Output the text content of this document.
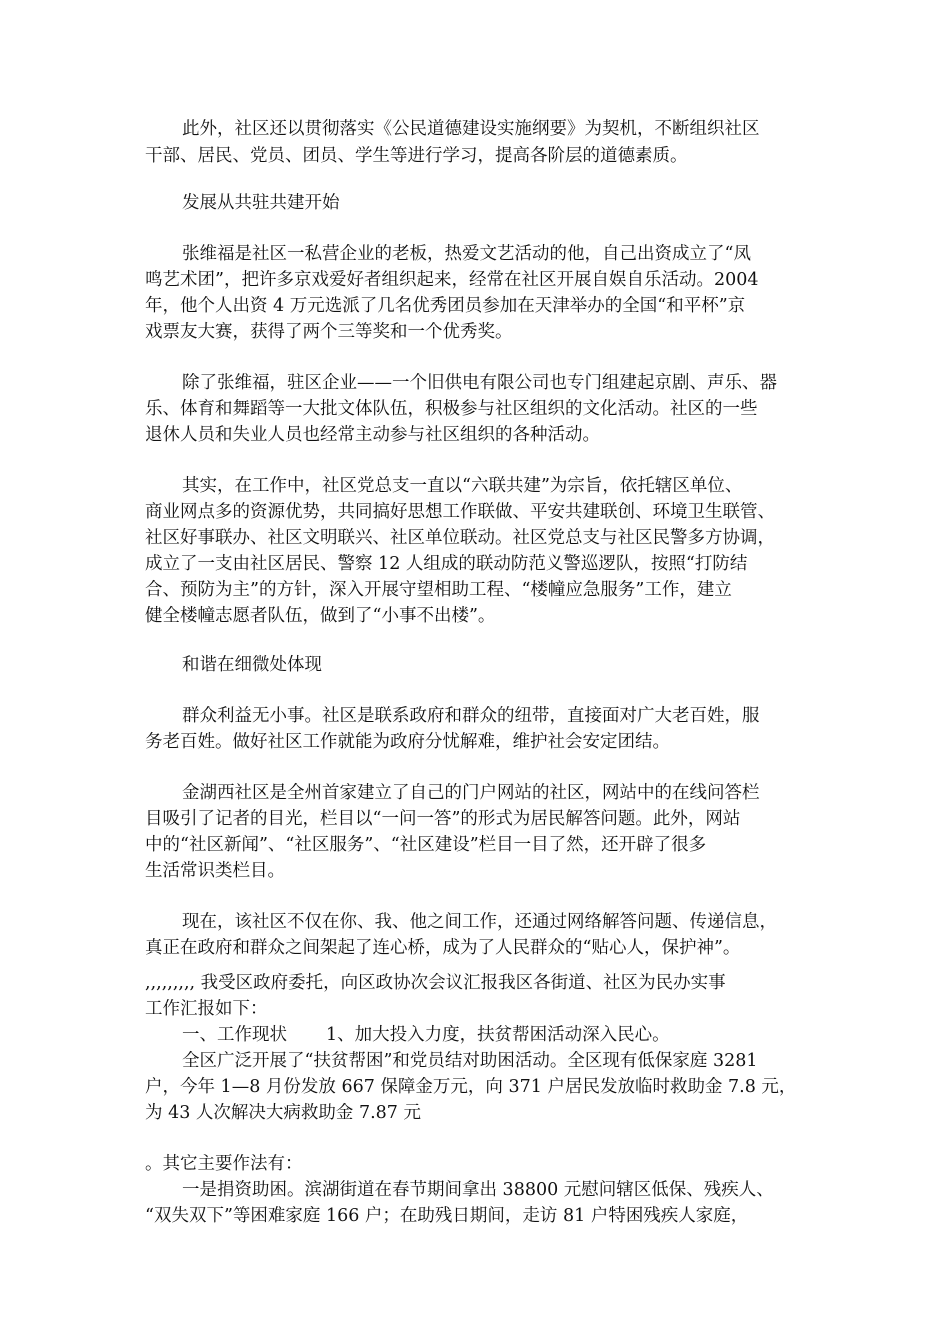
此外，社区还以贯彻落实《公民道德建设实施纲要》为契机，不断组织社区
干部、居民、党员、团员、学生等进行学习，提高各阶层的道德素质。
发展从共驻共建开始
张维福是社区一私营企业的老板，热爱文艺活动的他，自己出资成立了“凤
鸣艺术团”，把许多京戏爱好者组织起来，经常在社区开展自娱自乐活动。2004
年，他个人出资 4 万元选派了几名优秀团员参加在天津举办的全国“和平杯”京
戏票友大赛，获得了两个三等奖和一个优秀奖。
除了张维福，驻区企业——一个旧供电有限公司也专门组建起京剧、声乐、器
乐、体育和舞蹈等一大批文体队伍，积极参与社区组织的文化活动。社区的一些
退休人员和失业人员也经常主动参与社区组织的各种活动。
其实，在工作中，社区党总支一直以“六联共建”为宗旨，依托辖区单位、
商业网点多的资源优势，共同搞好思想工作联做、平安共建联创、环境卫生联管、
社区好事联办、社区文明联兴、社区单位联动。社区党总支与社区民警多方协调，
成立了一支由社区居民、警察 12 人组成的联动防范义警巡逻队，按照“打防结
合、预防为主”的方针，深入开展守望相助工程、“楼幢应急服务”工作，建立
健全楼幢志愿者队伍，做到了“小事不出楼”。
和谐在细微处体现
群众利益无小事。社区是联系政府和群众的纽带，直接面对广大老百姓，服
务老百姓。做好社区工作就能为政府分忧解难，维护社会安定团结。
金湖西社区是全州首家建立了自己的门户网站的社区，网站中的在线问答栏
目吸引了记者的目光，栏目以“一问一答”的形式为居民解答问题。此外，网站
中的“社区新闻”、“社区服务”、“社区建设”栏目一目了然，还开辟了很多
生活常识类栏目。
现在，该社区不仅在你、我、他之间工作，还通过网络解答问题、传递信息，
真正在政府和群众之间架起了连心桥，成为了人民群众的“贴心人，保护神”。
,,,,,,,,, 我受区政府委托，向区政协次会议汇报我区各街道、社区为民办实事
工作汇报如下：
一、工作现状       1、加大投入力度，扶贫帮困活动深入民心。
全区广泛开展了“扶贫帮困”和党员结对助困活动。全区现有低保家庭 3281
户，今年 1—8 月份发放 667 保障金万元，向 371 户居民发放临时救助金 7.8 元，
为 43 人次解决大病救助金 7.87 元
。其它主要作法有：
一是捐资助困。滨湖街道在春节期间拿出 38800 元慰问辖区低保、残疾人、
“双失双下”等困难家庭 166 户；在助残日期间，走访 81 户特困残疾人家庭，
